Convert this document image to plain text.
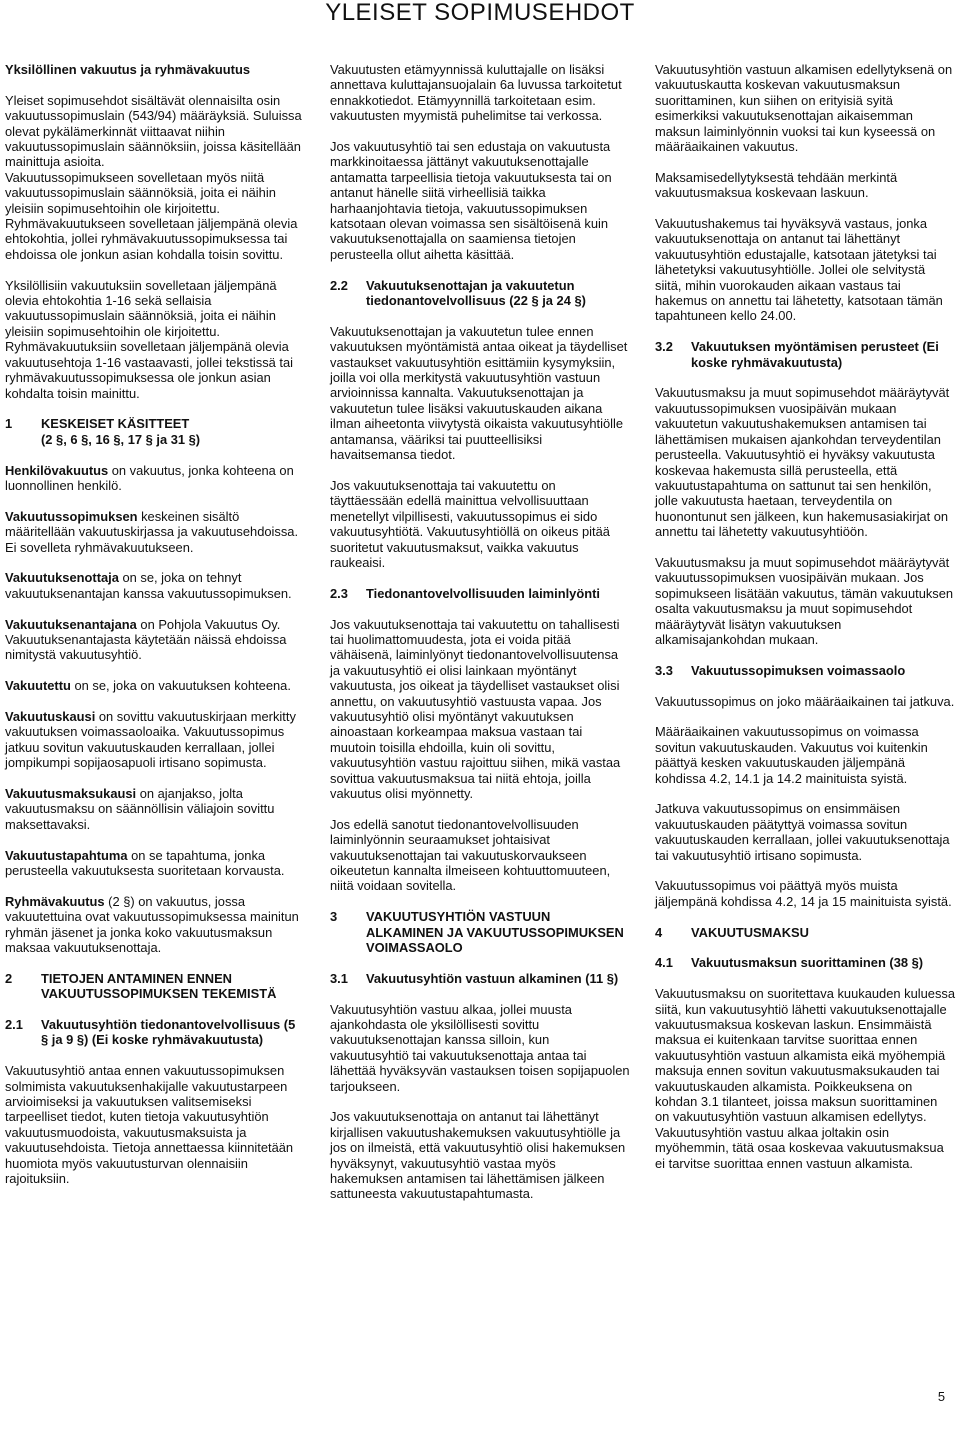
YLEISET SOPIMUSEHDOT
Yksilöllinen vakuutus ja ryhmävakuutus

Yleiset sopimusehdot sisältävät olennaisilta osin vakuutussopimuslain (543/94) määräyksiä. Suluissa olevat pykälämerkinnät viittaavat niihin vakuutussopimuslain säännöksiin, joissa käsitellään mainittuja asioita.

Vakuutussopimukseen sovelletaan myös niitä vakuutussopimuslain säännöksiä, joita ei näihin yleisiin sopimusehtoihin ole kirjoitettu.

Ryhmävakuutukseen sovelletaan jäljempänä olevia ehtokohtia, jollei ryhmävakuutussopimuksessa tai ehdoissa ole jonkun asian kohdalla toisin sovittu.

Yksilöllisiin vakuutuksiin sovelletaan jäljempänä olevia ehtokohtia 1-16 sekä sellaisia vakuutussopimuslain säännöksiä, joita ei näihin yleisiin sopimusehtoihin ole kirjoitettu.

Ryhmävakuutuksiin sovelletaan jäljempänä olevia vakuutusehtoja 1-16 vastaavasti, jollei tekstissä tai ryhmävakuutussopimuksessa ole jonkun asian kohdalta toisin mainittu.

1	KESKEISET KÄSITTEET
(2 §, 6 §, 16 §, 17 § ja 31 §)

Henkilövakuutus on vakuutus, jonka kohteena on luonnollinen henkilö.

Vakuutussopimuksen keskeinen sisältö määritellään vakuutuskirjassa ja vakuutusehdoissa. Ei sovelleta ryhmävakuutukseen.

Vakuutuksenottaja on se, joka on tehnyt vakuutuksenantajan kanssa vakuutussopimuksen.

Vakuutuksenantajana on Pohjola Vakuutus Oy. Vakuutuksenantajasta käytetään näissä ehdoissa nimitystä vakuutusyhtiö.

Vakuutettu on se, joka on vakuutuksen kohteena.

Vakuutuskausi on sovittu vakuutuskirjaan merkitty vakuutuksen voimassaoloaika. Vakuutussopimus jatkuu sovitun vakuutuskauden kerrallaan, jollei jompikumpi sopijaosapuoli irtisano sopimusta.

Vakuutusmaksukausi on ajanjakso, jolta vakuutusmaksu on säännöllisin väliajoin sovittu maksettavaksi.

Vakuutustapahtuma on se tapahtuma, jonka perusteella vakuutuksesta suoritetaan korvausta.

Ryhmävakuutus (2 §) on vakuutus, jossa vakuutettuina ovat vakuutussopimuksessa mainitun ryhmän jäsenet ja jonka koko vakuutusmaksun maksaa vakuutuksenottaja.

2	TIETOJEN ANTAMINEN ENNEN VAKUUTUSSOPIMUKSEN TEKEMISTÄ
2.1	Vakuutusyhtiön tiedonantovelvollisuus (5 § ja 9 §) (Ei koske ryhmävakuutusta)

Vakuutusyhtiö antaa ennen vakuutussopimuksen solmimista vakuutuksenhakijalle vakuutustarpeen arvioimiseksi ja vakuutuksen valitsemiseksi tarpeelliset tiedot, kuten tietoja vakuutusyhtiön vakuutusmuodoista, vakuutusmaksuista ja vakuutusehdoista. Tietoja annettaessa kiinnitetään huomiota myös vakuutusturvan olennaisiin rajoituksiin.

Vakuutusten etämyynnissä kuluttajalle on lisäksi annettava kuluttajansuojalain 6a luvussa tarkoitetut ennakkotiedot. Etämyynnillä tarkoitetaan esim. vakuutusten myymistä puhelimitse tai verkossa.

Jos vakuutusyhtiö tai sen edustaja on vakuutusta markkinoitaessa jättänyt vakuutuksenottajalle antamatta tarpeellisia tietoja vakuutuksesta tai on antanut hänelle siitä virheellisiä taikka harhaanjohtavia tietoja, vakuutussopimuksen katsotaan olevan voimassa sen sisältöisenä kuin vakuutuksenottajalla on saamiensa tietojen perusteella ollut aihetta käsittää.

2.2	Vakuutuksenottajan ja vakuutetun tiedonantovelvollisuus (22 § ja 24 §)

Vakuutuksenottajan ja vakuutetun tulee ennen vakuutuksen myöntämistä antaa oikeat ja täydelliset vastaukset vakuutusyhtiön esittämiin kysymyksiin, joilla voi olla merkitystä vakuutusyhtiön vastuun arvioinnissa kannalta. Vakuutuksenottajan ja vakuutetun tulee lisäksi vakuutuskauden aikana ilman aiheetonta viivytystä oikaista vakuutusyhtiölle antamansa, vääriksi tai puutteellisiksi havaitsemansa tiedot.

Jos vakuutuksenottaja tai vakuutettu on täyttäessään edellä mainittua velvollisuuttaan menetellyt vilpillisesti, vakuutussopimus ei sido vakuutusyhtiötä. Vakuutusyhtiöllä on oikeus pitää suoritetut vakuutusmaksut, vaikka vakuutus raukeaisi.

2.3	Tiedonantovelvollisuuden laiminlyönti

Jos vakuutuksenottaja tai vakuutettu on tahallisesti tai huolimattomuudesta, jota ei voida pitää vähäisenä, laiminlyönyt tiedonantovelvollisuutensa ja vakuutusyhtiö ei olisi lainkaan myöntänyt vakuutusta, jos oikeat ja täydelliset vastaukset olisi annettu, on vakuutusyhtiö vastuusta vapaa. Jos vakuutusyhtiö olisi myöntänyt vakuutuksen ainoastaan korkeampaa maksua vastaan tai muutoin toisilla ehdoilla, kuin oli sovittu, vakuutusyhtiön vastuu rajoittuu siihen, mikä vastaa sovittua vakuutusmaksua tai niitä ehtoja, joilla vakuutus olisi myönnetty.

Jos edellä sanotut tiedonantovelvollisuuden laiminlyönnin seuraamukset johtaisivat vakuutuksenottajan tai vakuutuskorvaukseen oikeutetun kannalta ilmeiseen kohtuuttomuuteen, niitä voidaan sovitella.

3	VAKUUTUSYHTIÖN VASTUUN ALKAMINEN JA VAKUUTUSSOPIMUKSEN VOIMASSAOLO
3.1	Vakuutusyhtiön vastuun alkaminen (11 §)

Vakuutusyhtiön vastuu alkaa, jollei muusta ajankohdasta ole yksilöllisesti sovittu vakuutuksenottajan kanssa silloin, kun vakuutusyhtiö tai vakuutuksenottaja antaa tai lähettää hyväksyvän vastauksen toisen sopijapuolen tarjoukseen.

Jos vakuutuksenottaja on antanut tai lähettänyt kirjallisen vakuutushakemuksen vakuutusyhtiölle ja jos on ilmeistä, että vakuutusyhtiö olisi hakemuksen hyväksynyt, vakuutusyhtiö vastaa myös hakemuksen antamisen tai lähettämisen jälkeen sattuneesta vakuutustapahtumasta.

Vakuutusyhtiön vastuun alkamisen edellytyksenä on vakuutuskautta koskevan vakuutusmaksun suorittaminen, kun siihen on erityisiä syitä esimerkiksi vakuutuksenottajan aikaisemman maksun laiminlyönnin vuoksi tai kun kyseessä on määräaikainen vakuutus.

Maksamisedellytyksestä tehdään merkintä vakuutusmaksua koskevaan laskuun.

Vakuutushakemus tai hyväksyvä vastaus, jonka vakuutuksenottaja on antanut tai lähettänyt vakuutusyhtiön edustajalle, katsotaan jätetyksi tai lähetetyksi vakuutusyhtiölle. Jollei ole selvitystä siitä, mihin vuorokauden aikaan vastaus tai hakemus on annettu tai lähetetty, katsotaan tämän tapahtuneen kello 24.00.

3.2	Vakuutuksen myöntämisen perusteet (Ei koske ryhmävakuutusta)

Vakuutusmaksu ja muut sopimusehdot määräytyvät vakuutussopimuksen vuosipäivän mukaan vakuutetun vakuutushakemuksen antamisen tai lähettämisen mukaisen ajankohdan terveydentilan perusteella. Vakuutusyhtiö ei hyväksy vakuutusta koskevaa hakemusta sillä perusteella, että vakuutustapahtuma on sattunut tai sen henkilön, jolle vakuutusta haetaan, terveydentila on huonontunut sen jälkeen, kun hakemusasiakirjat on annettu tai lähetetty vakuutusyhtiöön.

Vakuutusmaksu ja muut sopimusehdot määräytyvät vakuutussopimuksen vuosipäivän mukaan. Jos sopimukseen lisätään vakuutus, tämän vakuutuksen osalta vakuutusmaksu ja muut sopimusehdot määräytyvät lisätyn vakuutuksen alkamisajankohdan mukaan.

3.3	Vakuutussopimuksen voimassaolo

Vakuutussopimus on joko määräaikainen tai jatkuva.

Määräaikainen vakuutussopimus on voimassa sovitun vakuutuskauden. Vakuutus voi kuitenkin päättyä kesken vakuutuskauden jäljempänä kohdissa 4.2, 14.1 ja 14.2 mainituista syistä.

Jatkuva vakuutussopimus on ensimmäisen vakuutuskauden päätyttyä voimassa sovitun vakuutuskauden kerrallaan, jollei vakuutuksenottaja tai vakuutusyhtiö irtisano sopimusta.

Vakuutussopimus voi päättyä myös muista jäljempänä kohdissa 4.2, 14 ja 15 mainituista syistä.

4	VAKUUTUSMAKSU
4.1	Vakuutusmaksun suorittaminen (38 §)

Vakuutusmaksu on suoritettava kuukauden kuluessa siitä, kun vakuutusyhtiö lähetti vakuutuksenottajalle vakuutusmaksua koskevan laskun. Ensimmäistä maksua ei kuitenkaan tarvitse suorittaa ennen vakuutusyhtiön vastuun alkamista eikä myöhempiä maksuja ennen sovitun vakuutusmaksukauden tai vakuutuskauden alkamista. Poikkeuksena on kohdan 3.1 tilanteet, joissa maksun suorittaminen on vakuutusyhtiön vastuun alkamisen edellytys. Vakuutusyhtiön vastuu alkaa joltakin osin myöhemmin, tätä osaa koskevaa vakuutusmaksua ei tarvitse suorittaa ennen vastuun alkamista.

5
